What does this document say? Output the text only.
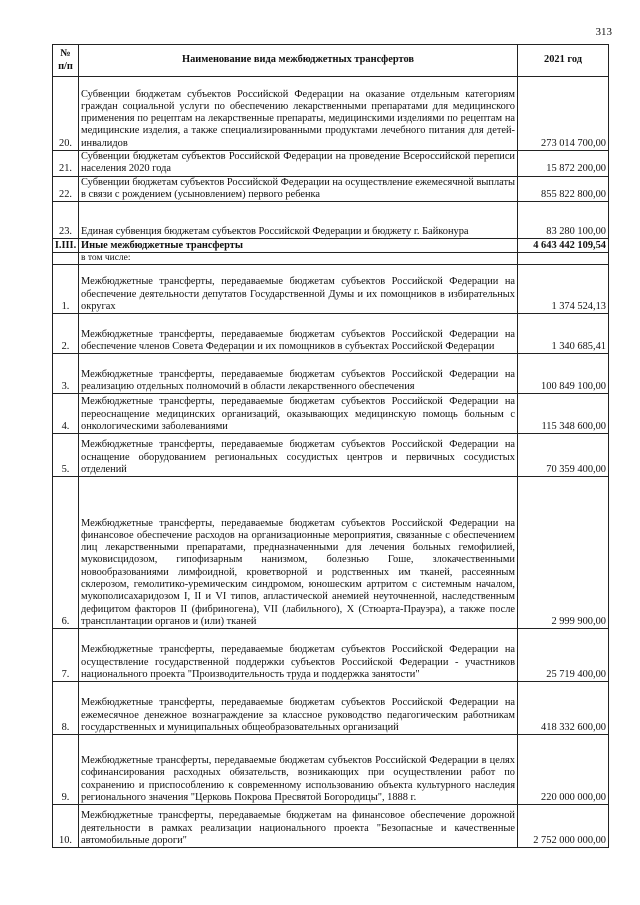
313
№ п/п	Наименование вида межбюджетных трансфертов	2021 год
20.	Субвенции бюджетам субъектов Российской Федерации на оказание отдельным категориям граждан социальной услуги по обеспечению лекарственными препаратами для медицинского применения по рецептам на лекарственные препараты, медицинскими изделиями по рецептам на медицинские изделия, а также специализированными продуктами лечебного питания для детей-инвалидов	273 014 700,00
21.	Субвенции бюджетам субъектов Российской Федерации на проведение Всероссийской переписи населения 2020 года	15 872 200,00
22.	Субвенции бюджетам субъектов Российской Федерации на осуществление ежемесячной выплаты в связи с рождением (усыновлением) первого ребенка	855 822 800,00
23.	Единая субвенция бюджетам субъектов Российской Федерации и бюджету г. Байконура	83 280 100,00
I.III.	Иные межбюджетные трансферты	4 643 442 109,54
	в том числе:	
1.	Межбюджетные трансферты, передаваемые бюджетам субъектов Российской Федерации на обеспечение деятельности депутатов Государственной Думы и их помощников в избирательных округах	1 374 524,13
2.	Межбюджетные трансферты, передаваемые бюджетам субъектов Российской Федерации на обеспечение членов Совета Федерации и их помощников в субъектах Российской Федерации	1 340 685,41
3.	Межбюджетные трансферты, передаваемые бюджетам субъектов Российской Федерации на реализацию отдельных полномочий в области лекарственного обеспечения	100 849 100,00
4.	Межбюджетные трансферты, передаваемые бюджетам субъектов Российской Федерации на переоснащение медицинских организаций, оказывающих медицинскую помощь больным с онкологическими заболеваниями	115 348 600,00
5.	Межбюджетные трансферты, передаваемые бюджетам субъектов Российской Федерации на оснащение оборудованием региональных сосудистых центров и первичных сосудистых отделений	70 359 400,00
6.	Межбюджетные трансферты, передаваемые бюджетам субъектов Российской Федерации на финансовое обеспечение расходов на организационные мероприятия, связанные с обеспечением лиц лекарственными препаратами, предназначенными для лечения больных гемофилией, муковисцидозом, гипофизарным нанизмом, болезнью Гоше, злокачественными новообразованиями лимфоидной, кроветворной и родственных им тканей, рассеянным склерозом, гемолитико-уремическим синдромом, юношеским артритом с системным началом, мукополисахаридозом I, II и VI типов, апластической анемией неуточненной, наследственным дефицитом факторов II (фибриногена), VII (лабильного), X (Стюарта-Прауэра), а также после трансплантации органов и (или) тканей	2 999 900,00
7.	Межбюджетные трансферты, передаваемые бюджетам субъектов Российской Федерации на осуществление государственной поддержки субъектов Российской Федерации - участников национального проекта "Производительность труда и поддержка занятости"	25 719 400,00
8.	Межбюджетные трансферты, передаваемые бюджетам субъектов Российской Федерации на ежемесячное денежное вознаграждение за классное руководство педагогическим работникам государственных и муниципальных общеобразовательных организаций	418 332 600,00
9.	Межбюджетные трансферты, передаваемые бюджетам субъектов Российской Федерации в целях софинансирования расходных обязательств, возникающих при осуществлении работ по сохранению и приспособлению к современному использованию объекта культурного наследия регионального значения "Церковь Покрова Пресвятой Богородицы", 1888 г.	220 000 000,00
10.	Межбюджетные трансферты, передаваемые бюджетам на финансовое обеспечение дорожной деятельности в рамках реализации национального проекта "Безопасные и качественные автомобильные дороги"	2 752 000 000,00
